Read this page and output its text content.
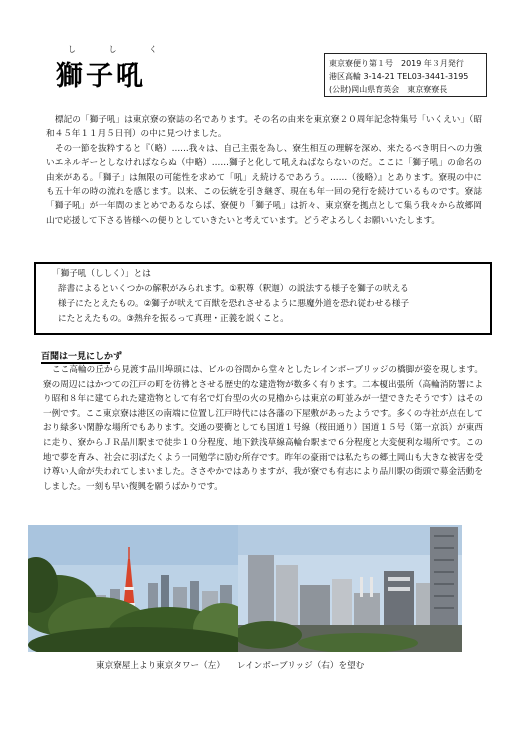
し	し	く
獅子吼	東京寮便り第１号　2019 年３月発行
港区高輪 3-14-21 TEL03-3441-3195
(公財)岡山県育英会　東京寮寮長

標記の「獅子吼」は東京寮の寮誌の名であります。その名の由来を東京寮２０周年記念特集号「いくえい」（昭和４５年１１月５日刊）の中に見つけました。

その一節を抜粋すると『（略）……我々は、自己主張を為し、寮生相互の理解を深め、来たるべき明日への力強いエネルギーとしなければならぬ（中略）……獅子と化して吼えねばならないのだ。ここに「獅子吼」の命名の由来がある。「獅子」は無限の可能性を求めて「吼」え続けるであろう。……（後略）』とあります。寮現の中にも五十年の時の流れを感じます。以来、この伝統を引き継ぎ、現在も年一回の発行を続けているものです。寮誌「獅子吼」が一年間のまとめであるならば、寮便り「獅子吼」は折々、東京寮を拠点として集う我々から故郷岡山で応援して下さる皆様への便りとしていきたいと考えています。どうぞよろしくお願いいたします。

「獅子吼（ししく）」とは
辞書によるといくつかの解釈がみられます。①釈尊（釈迦）の説法する様子を獅子の吠える
様子にたとえたもの。②獅子が吠えて百獣を恐れさせるように悪魔外道を恐れ従わせる様子
にたとえたもの。③熱弁を振るって真理・正義を説くこと。
百聞は一見にしかず

ここ高輪の丘から見渡す品川埠頭には、ビルの谷間から堂々としたレインボーブリッジの橋脚が姿を現します。寮の周辺にはかつての江戸の町を彷彿とさせる歴史的な建造物が数多く有ります。二本榎出張所（高輪消防署により昭和８年に建てられた建造物として有名で灯台型の火の見櫓からは東京の町並みが一望できたそうです）はその一例です。ここ東京寮は港区の南端に位置し江戸時代には各藩の下屋敷があったようです。多くの寺社が点在しており緑多い閑静な場所でもあります。交通の要衝としても国道１号線（桜田通り）国道１５号（第一京浜）が東西に走り、寮からＪＲ品川駅まで徒歩１０分程度、地下鉄浅草線高輪台駅まで６分程度と大変便利な場所です。この地で夢を育み、社会に羽ばたくよう一同勉学に励む所存です。昨年の豪雨では私たちの郷土岡山も大きな被害を受け尊い人命が失われてしまいました。ささやかではありますが、我が寮でも有志により品川駅の街頭で募金活動をしました。一刻も早い復興を願うばかりです。

東京寮屋上より東京タワー（左） レインボーブリッジ（右）を望む
